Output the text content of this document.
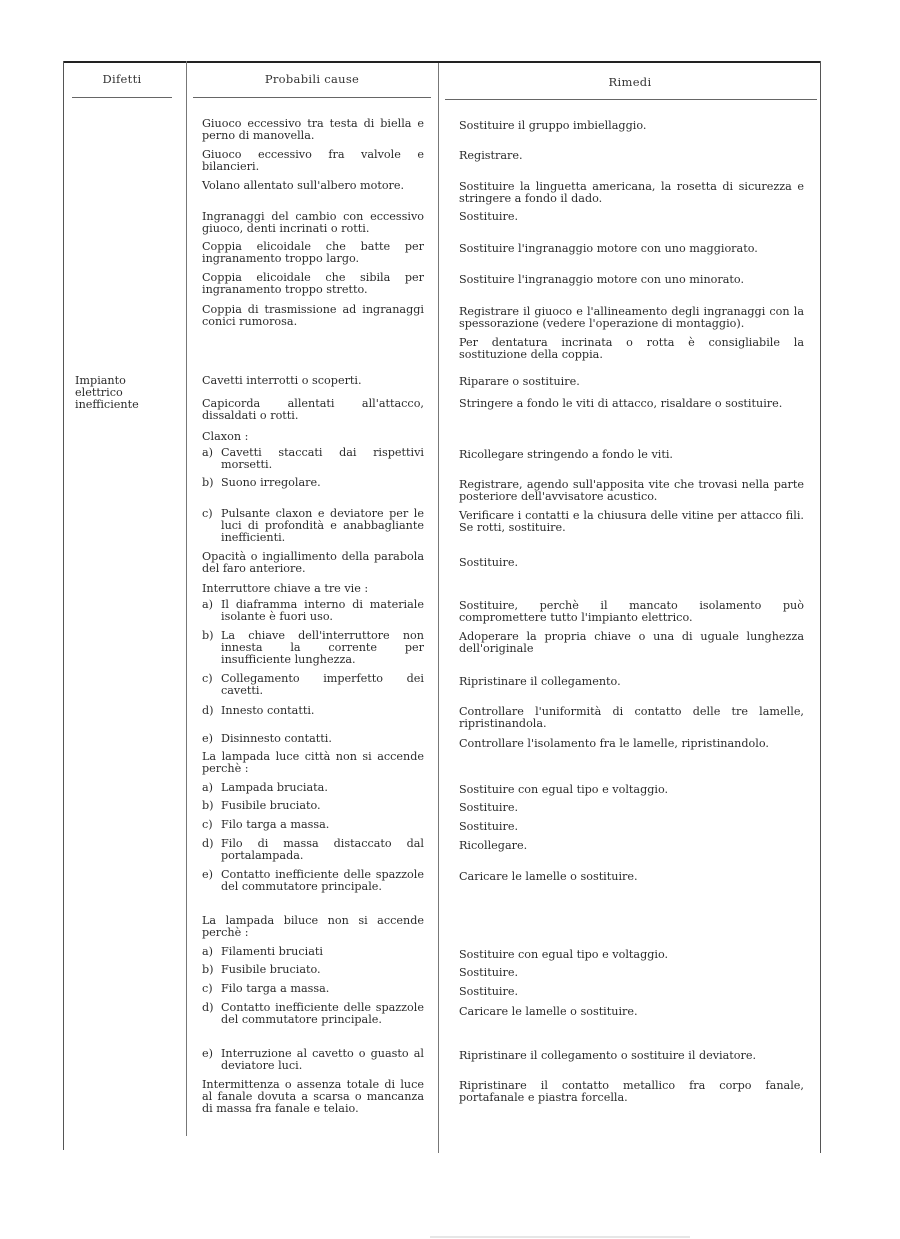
Difetti	Probabili cause	Rimedi
Impianto elettrico inefficiente
Giuoco eccessivo tra testa di biella e perno di manovella.
Giuoco eccessivo fra valvole e bilancieri.
Volano allentato sull'albero motore.
Ingranaggi del cambio con eccessivo giuoco, denti incrinati o rotti.
Coppia elicoidale che batte per ingranamento troppo largo.
Coppia elicoidale che sibila per ingranamento troppo stretto.
Coppia di trasmissione ad ingranaggi conici rumorosa.
Cavetti interrotti o scoperti.
Capicorda allentati all'attacco, dissaldati o rotti.
Claxon :
a) Cavetti staccati dai rispettivi morsetti.
b) Suono irregolare.
c) Pulsante claxon e deviatore per le luci di profondità e anabbagliante inefficienti.
Opacità o ingiallimento della parabola del faro anteriore.
Interruttore chiave a tre vie :
a) Il diaframma interno di materiale isolante è fuori uso.
b) La chiave dell'interruttore non innesta la corrente per insufficiente lunghezza.
c) Collegamento imperfetto dei cavetti.
d) Innesto contatti.
e) Disinnesto contatti.
La lampada luce città non si accende perchè :
a) Lampada bruciata.
b) Fusibile bruciato.
c) Filo targa a massa.
d) Filo di massa distaccato dal portalampada.
e) Contatto inefficiente delle spazzole del commutatore principale.
La lampada biluce non si accende perchè :
a) Filamenti bruciati
b) Fusibile bruciato.
c) Filo targa a massa.
d) Contatto inefficiente delle spazzole del commutatore principale.
e) Interruzione al cavetto o guasto al deviatore luci.
Intermittenza o assenza totale di luce al fanale dovuta a scarsa o mancanza di massa fra fanale e telaio.
Sostituire il gruppo imbiellaggio.
Registrare.
Sostituire la linguetta americana, la rosetta di sicurezza e stringere a fondo il dado.
Sostituire.
Sostituire l'ingranaggio motore con uno maggiorato.
Sostituire l'ingranaggio motore con uno minorato.
Registrare il giuoco e l'allineamento degli ingranaggi con la spessorazione (vedere l'operazione di montaggio).
Per dentatura incrinata o rotta è consigliabile la sostituzione della coppia.
Riparare o sostituire.
Stringere a fondo le viti di attacco, risaldare o sostituire.
Ricollegare stringendo a fondo le viti.
Registrare, agendo sull'apposita vite che trovasi nella parte posteriore dell'avvisatore acustico.
Verificare i contatti e la chiusura delle vitine per attacco fili. Se rotti, sostituire.
Sostituire.
Sostituire, perchè il mancato isolamento può compromettere tutto l'impianto elettrico.
Adoperare la propria chiave o una di uguale lunghezza dell'originale
Ripristinare il collegamento.
Controllare l'uniformità di contatto delle tre lamelle, ripristinandola.
Controllare l'isolamento fra le lamelle, ripristinandolo.
Sostituire con egual tipo e voltaggio.
Sostituire.
Sostituire.
Ricollegare.
Caricare le lamelle o sostituire.
Sostituire con egual tipo e voltaggio.
Sostituire.
Sostituire.
Caricare le lamelle o sostituire.
Ripristinare il collegamento o sostituire il deviatore.
Ripristinare il contatto metallico fra corpo fanale, portafanale e piastra forcella.
